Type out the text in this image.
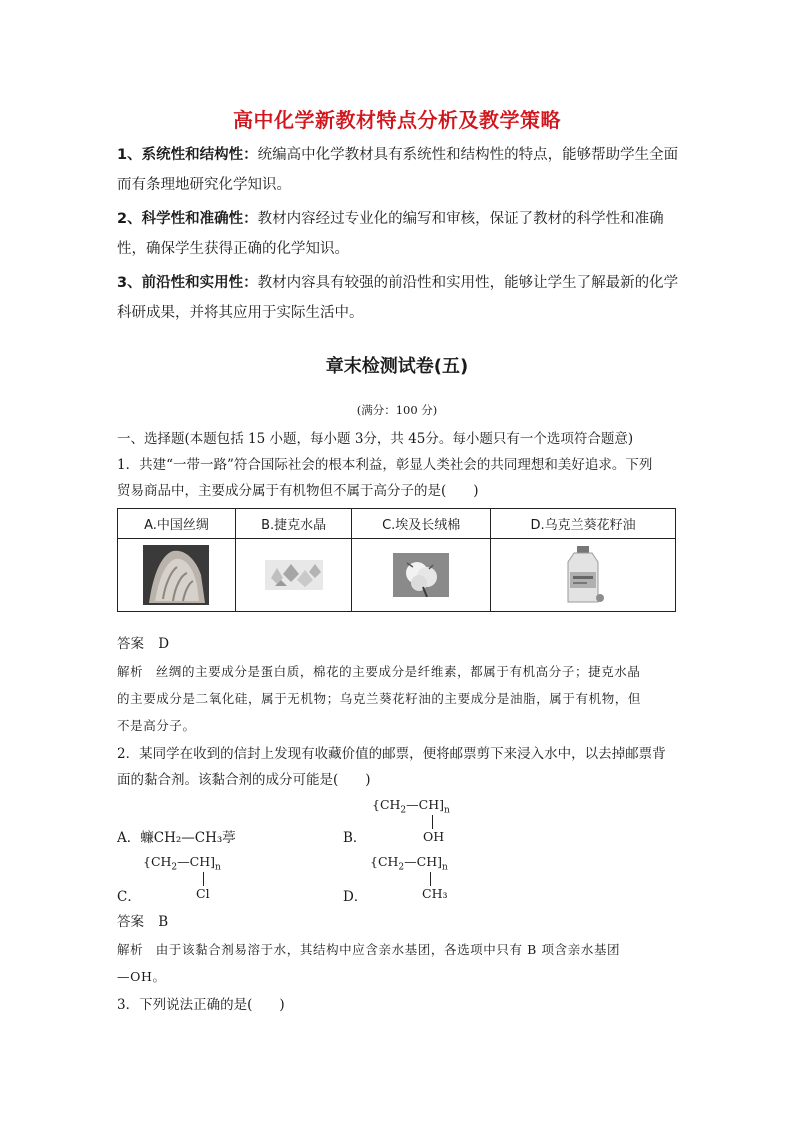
高中化学新教材特点分析及教学策略
1、系统性和结构性：统编高中化学教材具有系统性和结构性的特点，能够帮助学生全面而有条理地研究化学知识。
2、科学性和准确性：教材内容经过专业化的编写和审核，保证了教材的科学性和准确性，确保学生获得正确的化学知识。
3、前沿性和实用性：教材内容具有较强的前沿性和实用性，能够让学生了解最新的化学科研成果，并将其应用于实际生活中。
章末检测试卷(五)
(满分：100 分)
一、选择题(本题包括 15 小题，每小题 3分，共 45分。每小题只有一个选项符合题意)
1．共建“一带一路”符合国际社会的根本利益，彰显人类社会的共同理想和美好追求。下列
贸易商品中，主要成分属于有机物但不属于高分子的是(　　)
A.中国丝绸	B.捷克水晶	C.埃及长绒棉	D.乌克兰葵花籽油

答案 D
解析 丝绸的主要成分是蛋白质，棉花的主要成分是纤维素，都属于有机高分子；捷克水晶
的主要成分是二氧化硅，属于无机物；乌克兰葵花籽油的主要成分是油脂，属于有机物，但
不是高分子。
2．某同学在收到的信封上发现有收藏价值的邮票，便将邮票剪下来浸入水中，以去掉邮票背
面的黏合剂。该黏合剂的成分可能是(　　)
$\{CH_2—CH]_n$
OH
B．
A．蠊CH₂—CH₃葶
$\{CH_2—CH]_n$
Cl
C．
$\{CH_2—CH]_n$
CH₃
D．
答案 B
解析 由于该黏合剂易溶于水，其结构中应含亲水基团，各选项中只有 B 项含亲水基团
—OH。
3．下列说法正确的是(　　)
